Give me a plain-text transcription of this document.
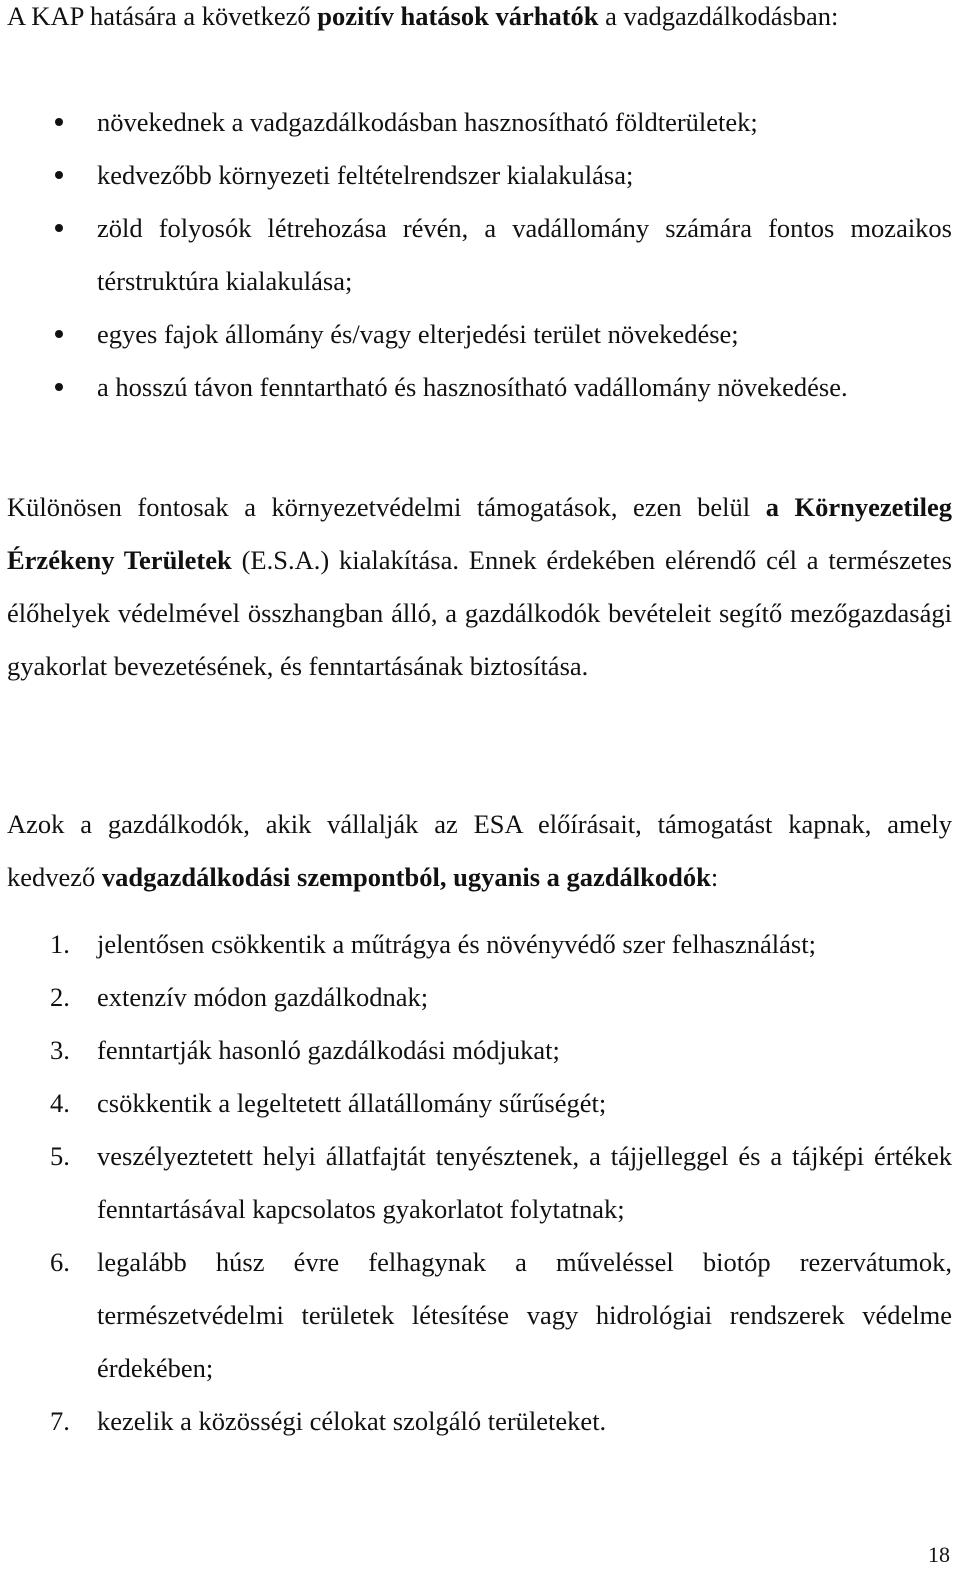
A KAP hatására a következő pozitív hatások várhatók a vadgazdálkodásban:

növekednek a vadgazdálkodásban hasznosítható földterületek;
kedvezőbb környezeti feltételrendszer kialakulása;
zöld folyosók létrehozása révén, a vadállomány számára fontos mozaikos térstruktúra kialakulása;
egyes fajok állomány és/vagy elterjedési terület növekedése;
a hosszú távon fenntartható és hasznosítható vadállomány növekedése.

Különösen fontosak a környezetvédelmi támogatások, ezen belül a Környezetileg Érzékeny Területek (E.S.A.) kialakítása. Ennek érdekében elérendő cél a természetes élőhelyek védelmével összhangban álló, a gazdálkodók bevételeit segítő mezőgazdasági gyakorlat bevezetésének, és fenntartásának biztosítása.

Azok a gazdálkodók, akik vállalják az ESA előírásait, támogatást kapnak, amely kedvező vadgazdálkodási szempontból, ugyanis a gazdálkodók:

1. jelentősen csökkentik a műtrágya és növényvédő szer felhasználást;
2. extenzív módon gazdálkodnak;
3. fenntartják hasonló gazdálkodási módjukat;
4. csökkentik a legeltetett állatállomány sűrűségét;
5. veszélyeztetett helyi állatfajtát tenyésztenek, a tájjelleggel és a tájképi értékek fenntartásával kapcsolatos gyakorlatot folytatnak;
6. legalább húsz évre felhagynak a műveléssel biotóp rezervátumok, természetvédelmi területek létesítése vagy hidrológiai rendszerek védelme érdekében;
7. kezelik a közösségi célokat szolgáló területeket.
18
